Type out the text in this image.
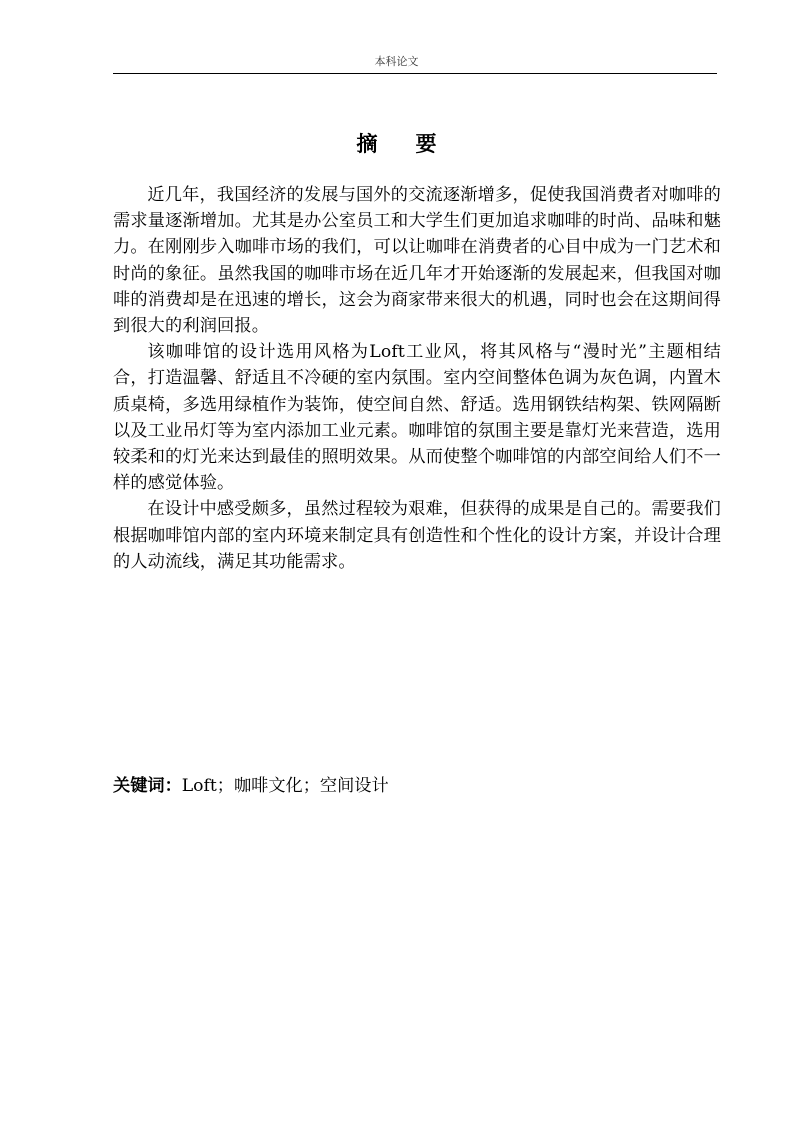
本科论文
摘要

近几年，我国经济的发展与国外的交流逐渐增多，促使我国消费者对咖啡的需求量逐渐增加。尤其是办公室员工和大学生们更加追求咖啡的时尚、品味和魅力。在刚刚步入咖啡市场的我们，可以让咖啡在消费者的心目中成为一门艺术和时尚的象征。虽然我国的咖啡市场在近几年才开始逐渐的发展起来，但我国对咖啡的消费却是在迅速的增长，这会为商家带来很大的机遇，同时也会在这期间得到很大的利润回报。

该咖啡馆的设计选用风格为Loft工业风，将其风格与“漫时光”主题相结合，打造温馨、舒适且不冷硬的室内氛围。室内空间整体色调为灰色调，内置木质桌椅，多选用绿植作为装饰，使空间自然、舒适。选用钢铁结构架、铁网隔断以及工业吊灯等为室内添加工业元素。咖啡馆的氛围主要是靠灯光来营造，选用较柔和的灯光来达到最佳的照明效果。从而使整个咖啡馆的内部空间给人们不一样的感觉体验。

在设计中感受颇多，虽然过程较为艰难，但获得的成果是自己的。需要我们根据咖啡馆内部的室内环境来制定具有创造性和个性化的设计方案，并设计合理的人动流线，满足其功能需求。

关键词：Loft；咖啡文化；空间设计
